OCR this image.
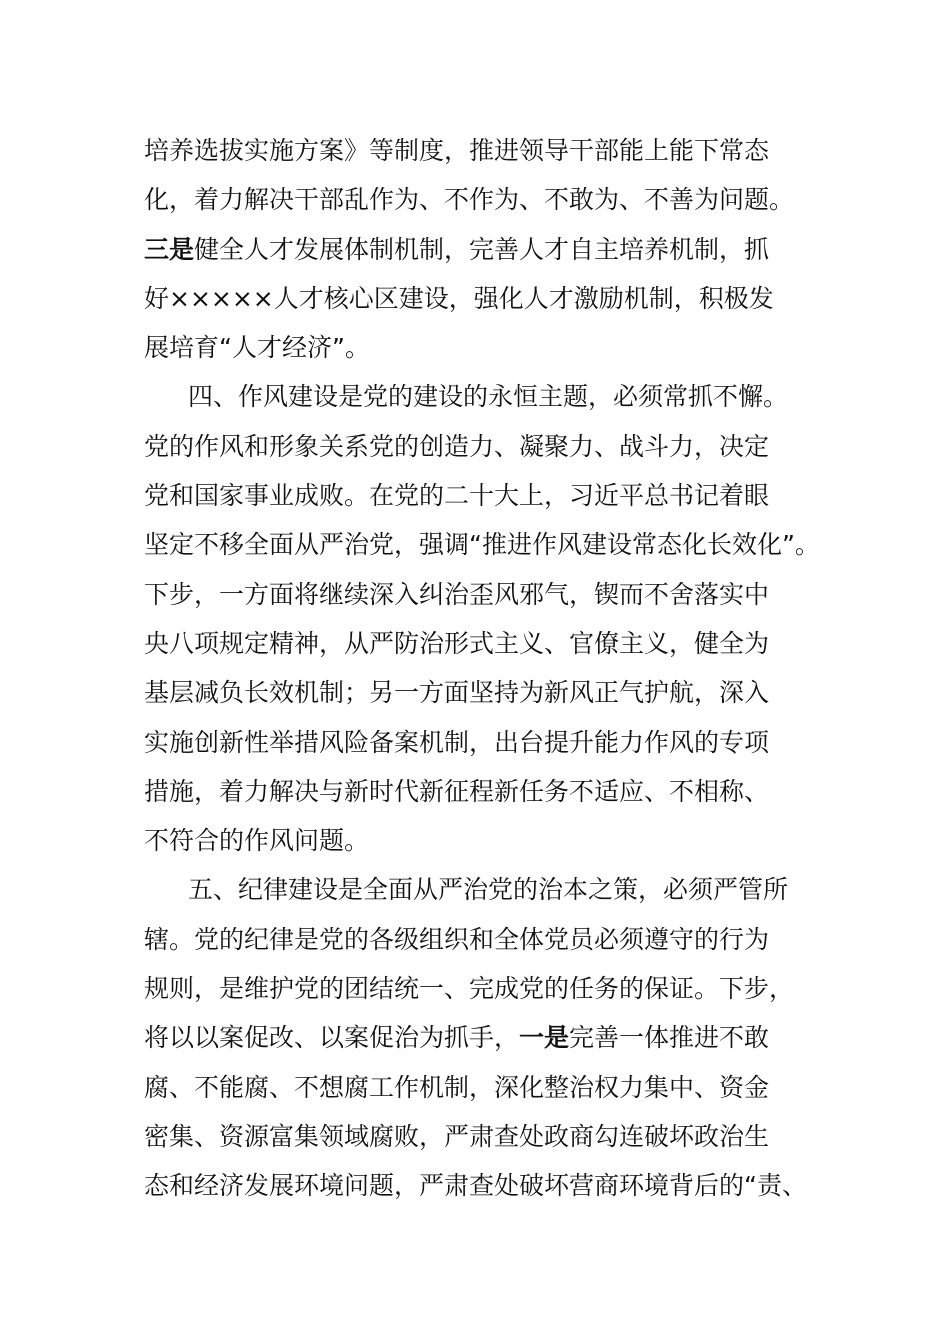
培养选拔实施方案》等制度，推进领导干部能上能下常态
化，着力解决干部乱作为、不作为、不敢为、不善为问题。
三是健全人才发展体制机制，完善人才自主培养机制，抓
好×××××人才核心区建设，强化人才激励机制，积极发
展培育“人才经济”。
四、作风建设是党的建设的永恒主题，必须常抓不懈。
党的作风和形象关系党的创造力、凝聚力、战斗力，决定
党和国家事业成败。在党的二十大上，习近平总书记着眼
坚定不移全面从严治党，强调“推进作风建设常态化长效化”。
下步，一方面将继续深入纠治歪风邪气，锲而不舍落实中
央八项规定精神，从严防治形式主义、官僚主义，健全为
基层减负长效机制；另一方面坚持为新风正气护航，深入
实施创新性举措风险备案机制，出台提升能力作风的专项
措施，着力解决与新时代新征程新任务不适应、不相称、
不符合的作风问题。
五、纪律建设是全面从严治党的治本之策，必须严管所
辖。党的纪律是党的各级组织和全体党员必须遵守的行为
规则，是维护党的团结统一、完成党的任务的保证。下步，
将以以案促改、以案促治为抓手，一是完善一体推进不敢
腐、不能腐、不想腐工作机制，深化整治权力集中、资金
密集、资源富集领域腐败，严肃查处政商勾连破坏政治生
态和经济发展环境问题，严肃查处破坏营商环境背后的“责、
